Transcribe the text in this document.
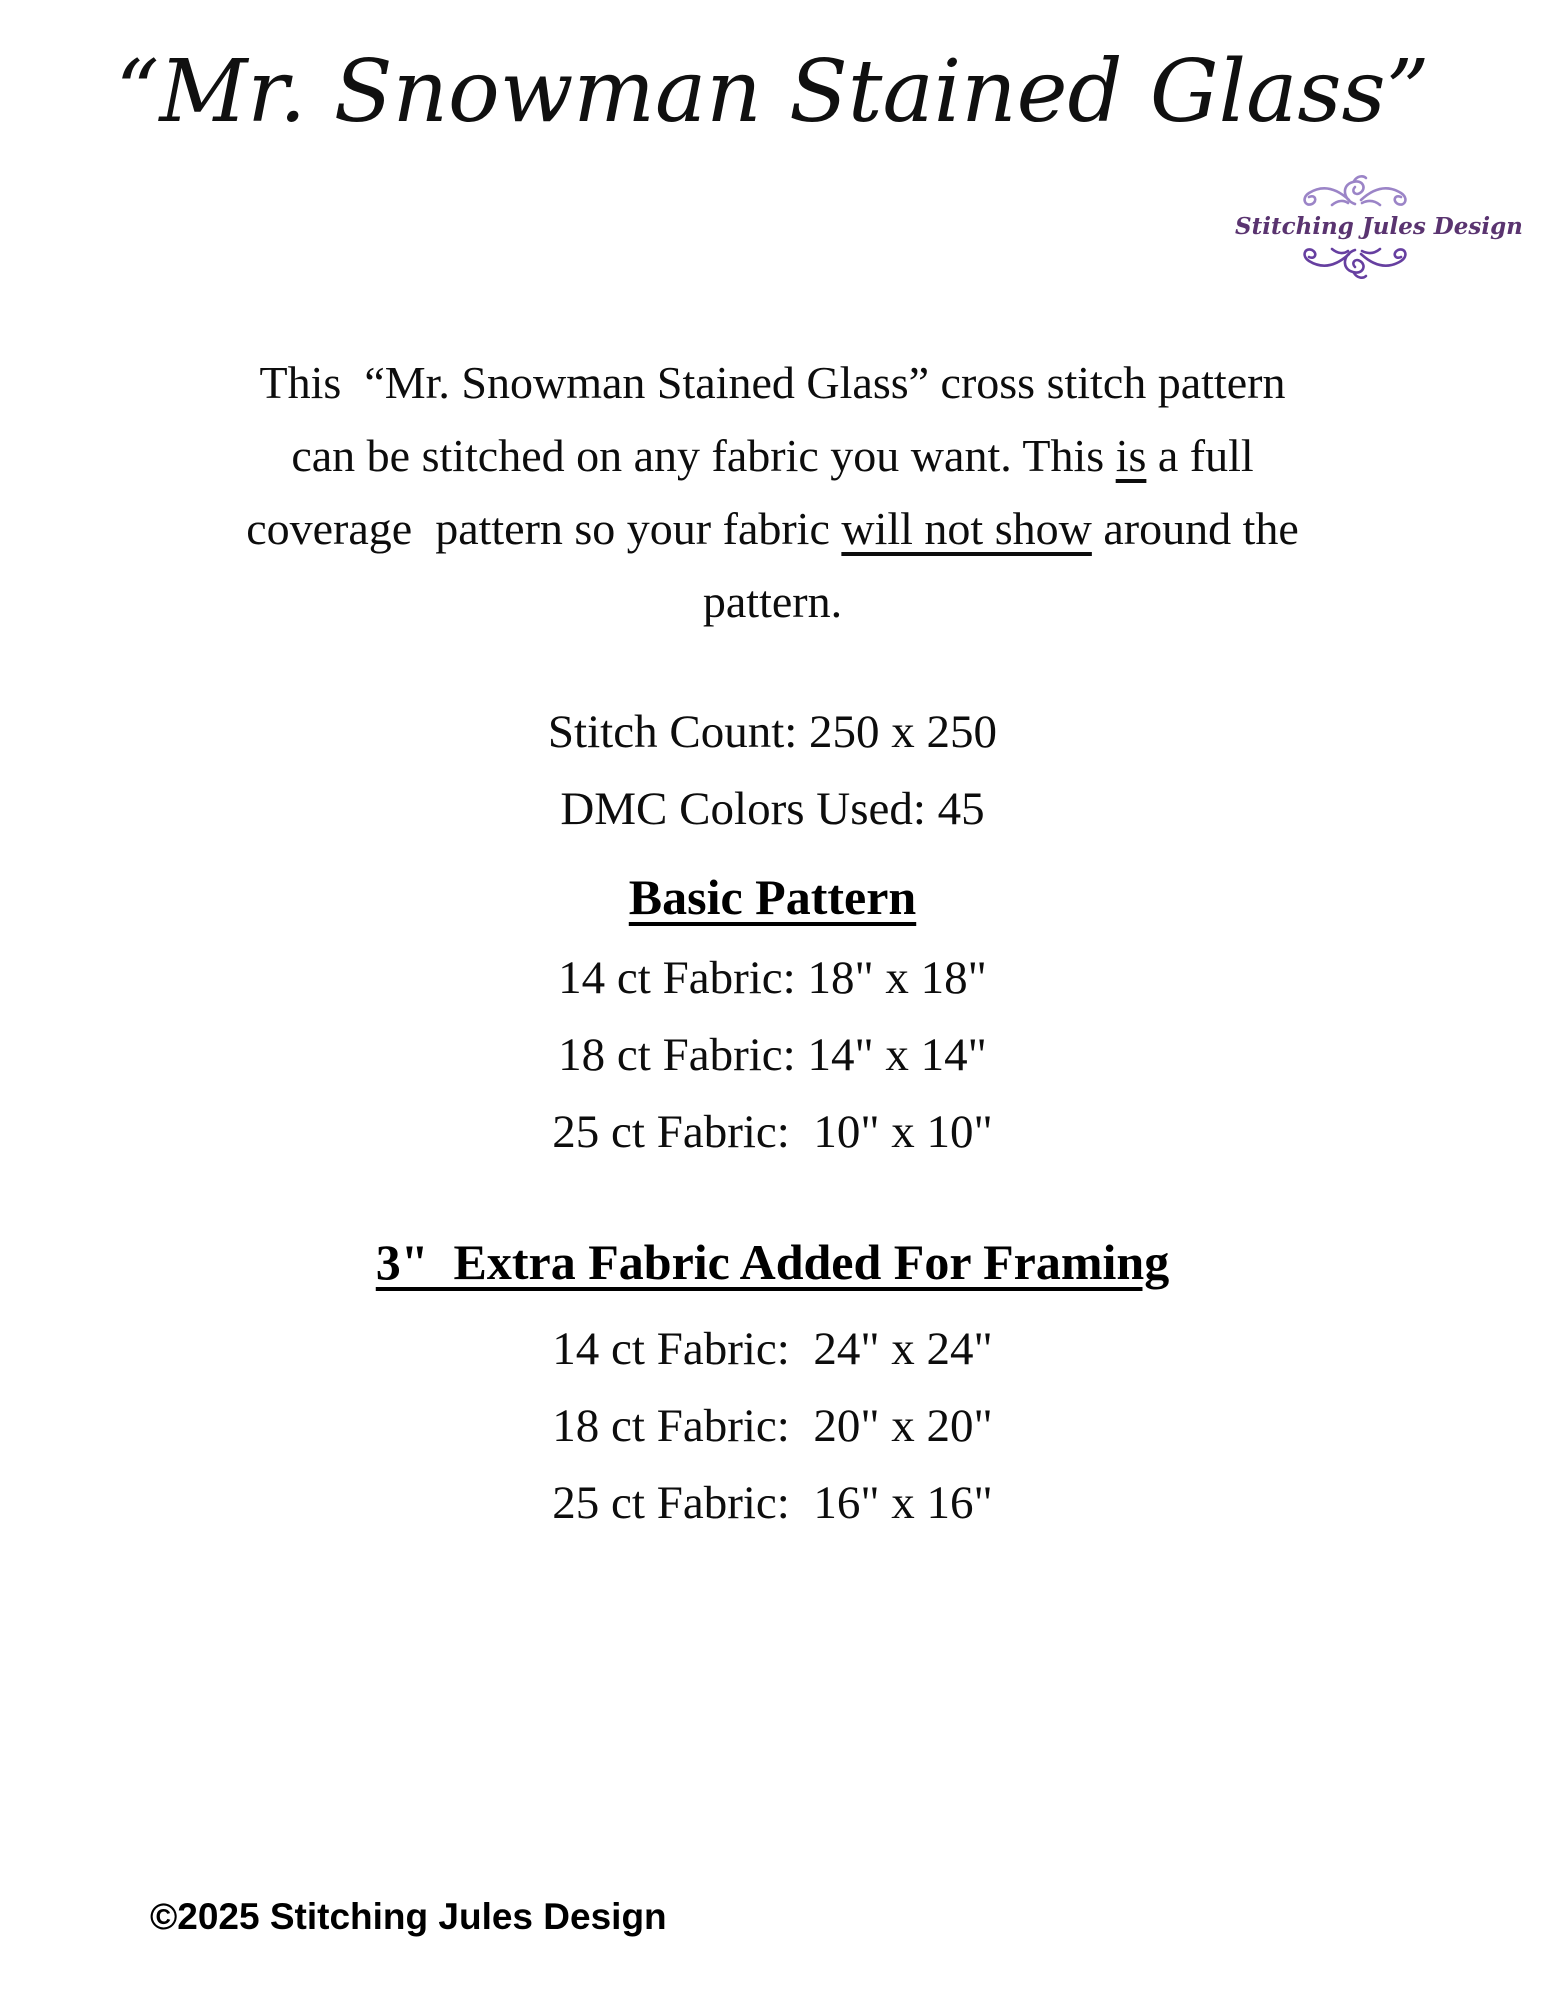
“Mr. Snowman Stained Glass”
Stitching Jules Design
This  “Mr. Snowman Stained Glass” cross stitch pattern
can be stitched on any fabric you want. This is a full
coverage  pattern so your fabric will not show around the
pattern.
Stitch Count: 250 x 250
DMC Colors Used: 45
Basic Pattern
14 ct Fabric: 18" x 18"
18 ct Fabric: 14" x 14"
25 ct Fabric:  10" x 10"
3"  Extra Fabric Added For Framing
14 ct Fabric:  24" x 24"
18 ct Fabric:  20" x 20"
25 ct Fabric:  16" x 16"
©2025 Stitching Jules Design
